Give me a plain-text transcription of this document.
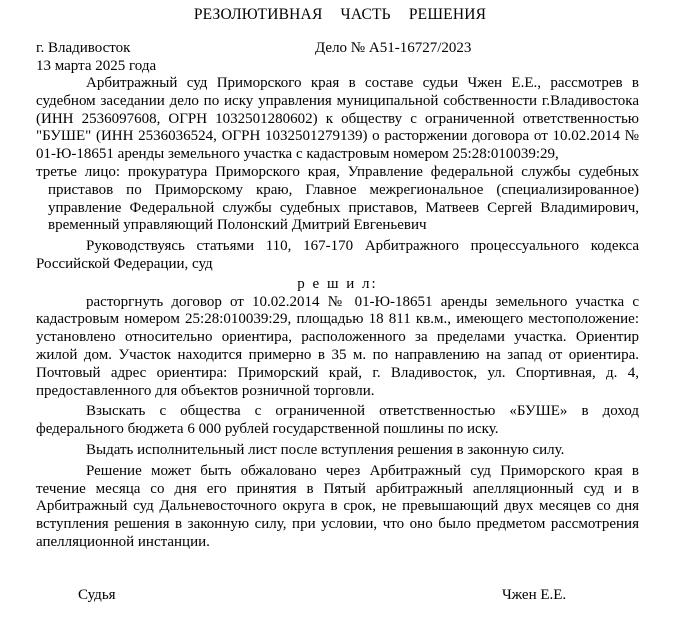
РЕЗОЛЮТИВНАЯ ЧАСТЬ РЕШЕНИЯ
г. Владивосток	Дело № А51-16727/2023
13 марта 2025 года

Арбитражный суд Приморского края в составе судьи Чжен Е.Е., рассмотрев в судебном заседании дело по иску управления муниципальной собственности г.Владивостока (ИНН 2536097608, ОГРН 1032501280602) к обществу с ограниченной ответственностью "БУШЕ" (ИНН 2536036524, ОГРН 1032501279139) о расторжении договора от 10.02.2014 № 01-Ю-18651 аренды земельного участка с кадастровым номером 25:28:010039:29,

третье лицо: прокуратура Приморского края, Управление федеральной службы судебных приставов по Приморскому краю, Главное межрегиональное (специализированное) управление Федеральной службы судебных приставов, Матвеев Сергей Владимирович, временный управляющий Полонский Дмитрий Евгеньевич

Руководствуясь статьями 110, 167-170 Арбитражного процессуального кодекса Российской Федерации, суд

р е ш и л:

расторгнуть договор от 10.02.2014 № 01-Ю-18651 аренды земельного участка с кадастровым номером 25:28:010039:29, площадью 18 811 кв.м., имеющего местоположение: установлено относительно ориентира, расположенного за пределами участка. Ориентир жилой дом. Участок находится примерно в 35 м. по направлению на запад от ориентира. Почтовый адрес ориентира: Приморский край, г. Владивосток, ул. Спортивная, д. 4, предоставленного для объектов розничной торговли.

Взыскать с общества с ограниченной ответственностью «БУШЕ» в доход федерального бюджета 6 000 рублей государственной пошлины по иску.

Выдать исполнительный лист после вступления решения в законную силу.

Решение может быть обжаловано через Арбитражный суд Приморского края в течение месяца со дня его принятия в Пятый арбитражный апелляционный суд и в Арбитражный суд Дальневосточного округа в срок, не превышающий двух месяцев со дня вступления решения в законную силу, при условии, что оно было предметом рассмотрения апелляционной инстанции.

Судья	Чжен Е.Е.
